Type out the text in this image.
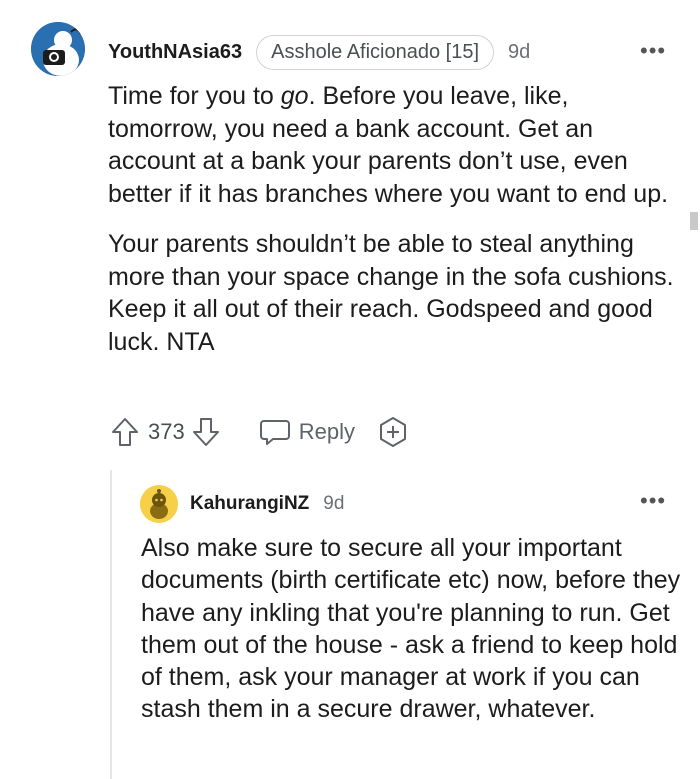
YouthNAsia63	Asshole Aficionado [15]	9d	•••

Time for you to go. Before you leave, like, tomorrow, you need a bank account. Get an account at a bank your parents don’t use, even better if it has branches where you want to end up.

Your parents shouldn’t be able to steal anything more than your space change in the sofa cushions. Keep it all out of their reach. Godspeed and good luck. NTA

373	Reply
KahurangiNZ 9d	•••

Also make sure to secure all your important documents (birth certificate etc) now, before they have any inkling that you're planning to run. Get them out of the house - ask a friend to keep hold of them, ask your manager at work if you can stash them in a secure drawer, whatever.
